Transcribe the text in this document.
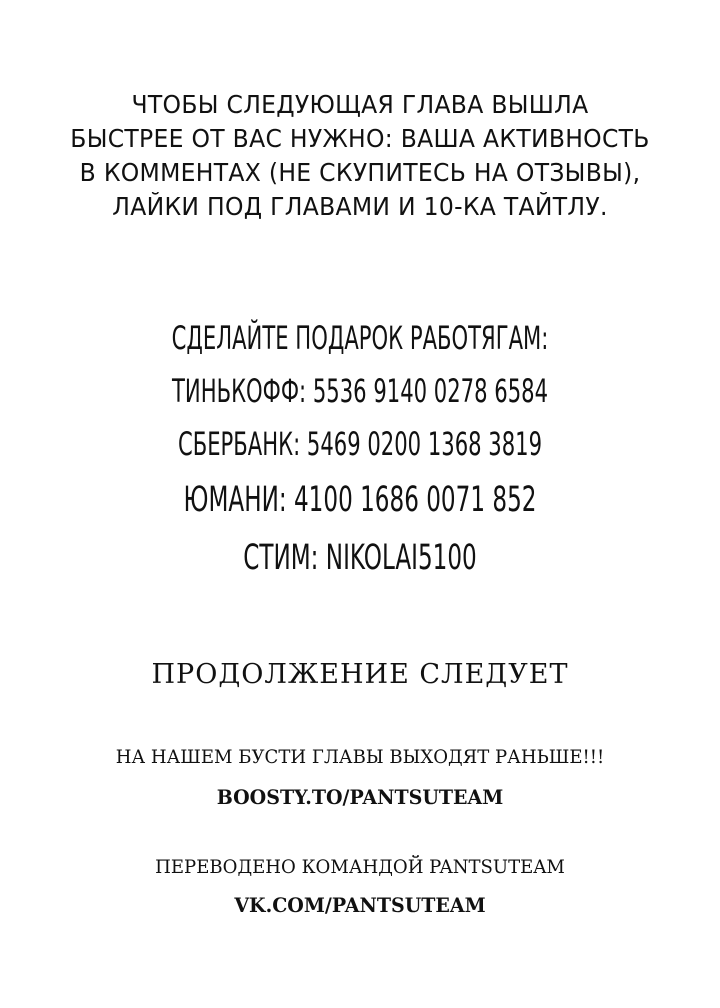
ЧТОБЫ СЛЕДУЮЩАЯ ГЛАВА ВЫШЛА
БЫСТРЕЕ ОТ ВАС НУЖНО: ВАША АКТИВНОСТЬ
В КОММЕНТАХ (НЕ СКУПИТЕСЬ НА ОТЗЫВЫ),
ЛАЙКИ ПОД ГЛАВАМИ И 10-КА ТАЙТЛУ.
СДЕЛАЙТЕ ПОДАРОК РАБОТЯГАМ:
ТИНЬКОФФ: 5536 9140 0278 6584
СБЕРБАНК: 5469 0200 1368 3819
ЮМАНИ: 4100 1686 0071 852
СТИМ: NIKOLAI5100
ПРОДОЛЖЕНИЕ СЛЕДУЕТ
НА НАШЕМ БУСТИ ГЛАВЫ ВЫХОДЯТ РАНЬШЕ!!!
BOOSTY.TO/PANTSUTEAM
ПЕРЕВОДЕНО КОМАНДОЙ PANTSUTEAM
VK.COM/PANTSUTEAM
